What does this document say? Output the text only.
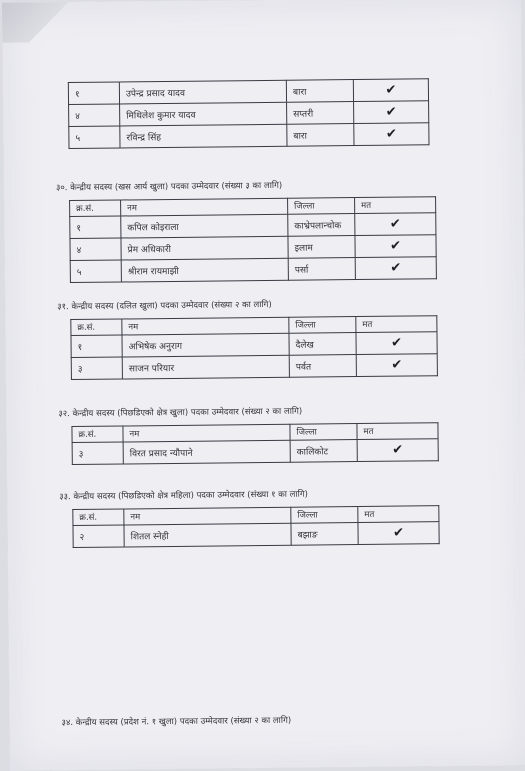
१	उपेन्द्र प्रसाद यादव	बारा	✔
४	मिथिलेश कुमार यादव	सप्तरी	✔
५	रविन्द्र सिंह	बारा	✔
३०. केन्द्रीय सदस्य (खस आर्य खुला) पदका उम्मेदवार (संख्या ३ का लागि)
क्र.सं.	नम	जिल्ला	मत
१	कपिल कोइराला	काभ्रेपलान्चोक	✔
४	प्रेम अधिकारी	इलाम	✔
५	श्रीराम रायमाझी	पर्सा	✔
३१. केन्द्रीय सदस्य (दलित खुला) पदका उम्मेदवार (संख्या २ का लागि)
क्र.सं.	नम	जिल्ला	मत
१	अभिषेक अनुराग	दैलेख	✔
३	साजन परियार	पर्वत	✔
३२. केन्द्रीय सदस्य (पिछडिएको क्षेत्र खुला) पदका उम्मेदवार (संख्या २ का लागि)
क्र.सं.	नम	जिल्ला	मत
३	विरत प्रसाद न्यौपाने	कालिकोट	✔
३३. केन्द्रीय सदस्य (पिछडिएको क्षेत्र महिला) पदका उम्मेदवार (संख्या १ का लागि)
क्र.सं.	नम	जिल्ला	मत
२	शितल स्नेही	बझाङ	✔
३४. केन्द्रीय सदस्य (प्रदेश नं. १ खुला) पदका उम्मेदवार (संख्या २ का लागि)
